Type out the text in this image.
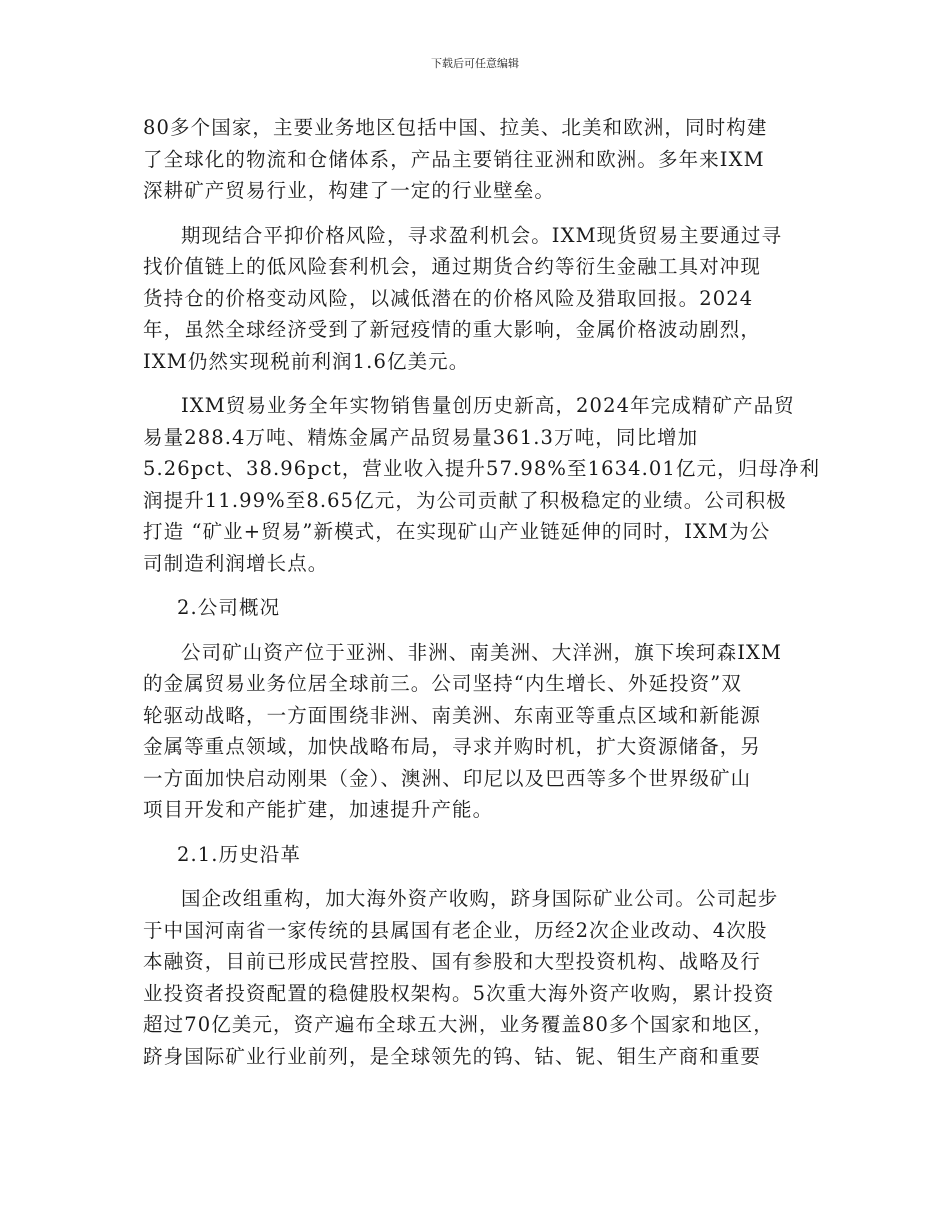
下载后可任意编辑
80多个国家，主要业务地区包括中国、拉美、北美和欧洲，同时构建
了全球化的物流和仓储体系，产品主要销往亚洲和欧洲。多年来IXM
深耕矿产贸易行业，构建了一定的行业壁垒。
期现结合平抑价格风险，寻求盈利机会。IXM现货贸易主要通过寻
找价值链上的低风险套利机会，通过期货合约等衍生金融工具对冲现
货持仓的价格变动风险，以减低潜在的价格风险及猎取回报。2024
年，虽然全球经济受到了新冠疫情的重大影响，金属价格波动剧烈，
IXM仍然实现税前利润1.6亿美元。
IXM贸易业务全年实物销售量创历史新高，2024年完成精矿产品贸
易量288.4万吨、精炼金属产品贸易量361.3万吨，同比增加
5.26pct、38.96pct，营业收入提升57.98%至1634.01亿元，归母净利
润提升11.99%至8.65亿元，为公司贡献了积极稳定的业绩。公司积极
打造 “矿业+贸易”新模式，在实现矿山产业链延伸的同时，IXM为公
司制造利润增长点。
2.公司概况
公司矿山资产位于亚洲、非洲、南美洲、大洋洲，旗下埃珂森IXM
的金属贸易业务位居全球前三。公司坚持“内生增长、外延投资”双
轮驱动战略，一方面围绕非洲、南美洲、东南亚等重点区域和新能源
金属等重点领域，加快战略布局，寻求并购时机，扩大资源储备，另
一方面加快启动刚果（金）、澳洲、印尼以及巴西等多个世界级矿山
项目开发和产能扩建，加速提升产能。
2.1.历史沿革
国企改组重构，加大海外资产收购，跻身国际矿业公司。公司起步
于中国河南省一家传统的县属国有老企业，历经2次企业改动、4次股
本融资，目前已形成民营控股、国有参股和大型投资机构、战略及行
业投资者投资配置的稳健股权架构。5次重大海外资产收购，累计投资
超过70亿美元，资产遍布全球五大洲，业务覆盖80多个国家和地区，
跻身国际矿业行业前列，是全球领先的钨、钴、铌、钼生产商和重要
